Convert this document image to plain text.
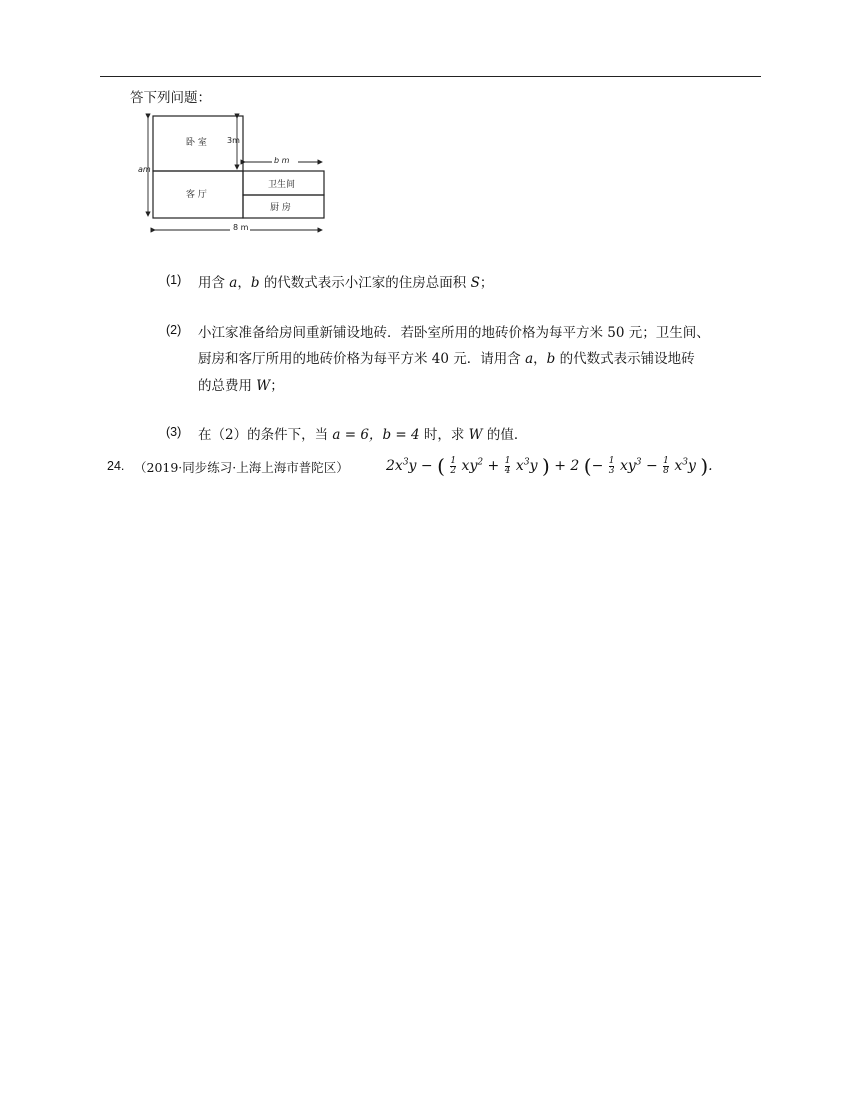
答下列问题：
卧 室
客 厅
卫生间
厨 房
am
3m
b m
8 m
(1) 用含 a，b 的代数式表示小江家的住房总面积 S；
(2) 小江家准备给房间重新铺设地砖．若卧室所用的地砖价格为每平方米 50 元；卫生间、
厨房和客厅所用的地砖价格为每平方米 40 元．请用含 a，b 的代数式表示铺设地砖
的总费用 W；
(3) 在（2）的条件下，当 a = 6，b = 4 时，求 W 的值．
24. （2019·同步练习·上海上海市普陀区）	$2x^3y$ − ( $\frac{1}{2} xy^2 + \frac{1}{4} x^3y$ ) + 2 (− $\frac{1}{3} xy^3 - \frac{1}{8} x^3y$ ).
